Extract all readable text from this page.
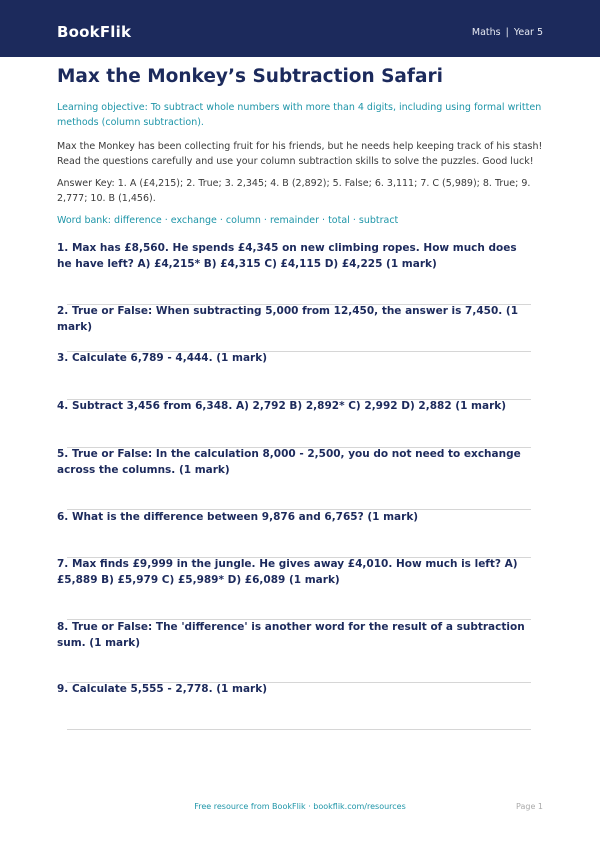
BookFlik	Maths | Year 5
Max the Monkey’s Subtraction Safari
Learning objective: To subtract whole numbers with more than 4 digits, including using formal written methods (column subtraction).
Max the Monkey has been collecting fruit for his friends, but he needs help keeping track of his stash! Read the questions carefully and use your column subtraction skills to solve the puzzles. Good luck!
Answer Key: 1. A (£4,215); 2. True; 3. 2,345; 4. B (2,892); 5. False; 6. 3,111; 7. C (5,989); 8. True; 9. 2,777; 10. B (1,456).
Word bank: difference · exchange · column · remainder · total · subtract
1. Max has £8,560. He spends £4,345 on new climbing ropes. How much does he have left? A) £4,215* B) £4,315 C) £4,115 D) £4,225 (1 mark)
2. True or False: When subtracting 5,000 from 12,450, the answer is 7,450. (1 mark)
3. Calculate 6,789 - 4,444. (1 mark)
4. Subtract 3,456 from 6,348. A) 2,792 B) 2,892* C) 2,992 D) 2,882 (1 mark)
5. True or False: In the calculation 8,000 - 2,500, you do not need to exchange across the columns. (1 mark)
6. What is the difference between 9,876 and 6,765? (1 mark)
7. Max finds £9,999 in the jungle. He gives away £4,010. How much is left? A) £5,889 B) £5,979 C) £5,989* D) £6,089 (1 mark)
8. True or False: The 'difference' is another word for the result of a subtraction sum. (1 mark)
9. Calculate 5,555 - 2,778. (1 mark)
Free resource from BookFlik · bookflik.com/resources	Page 1
